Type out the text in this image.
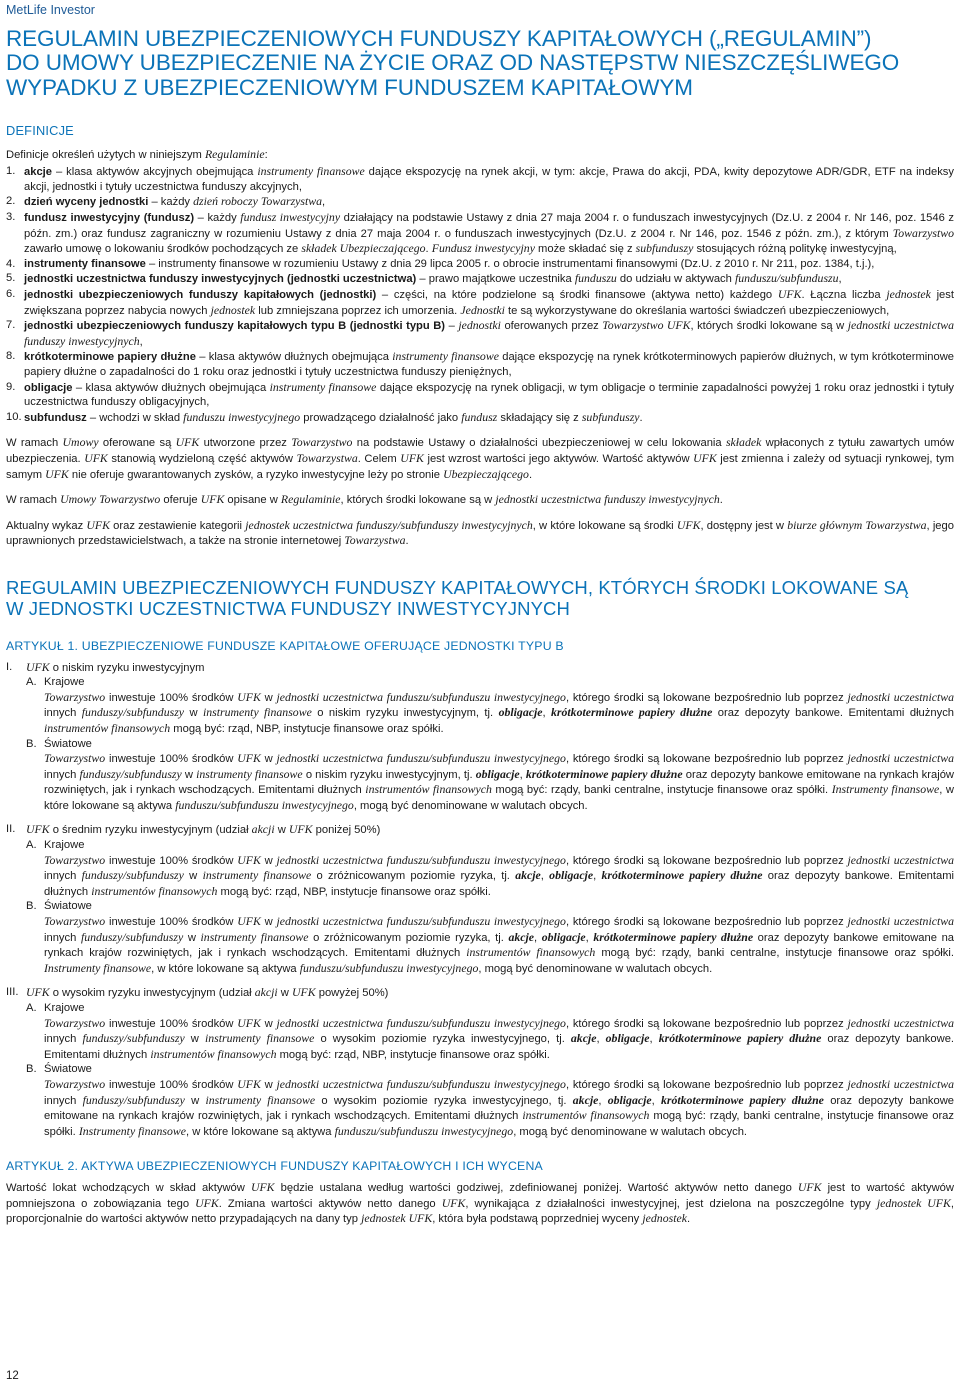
MetLife Investor
REGULAMIN UBEZPIECZENIOWYCH FUNDUSZY KAPITAŁOWYCH („REGULAMIN”)
DO UMOWY UBEZPIECZENIE NA ŻYCIE ORAZ OD NASTĘPSTW NIESZCZĘŚLIWEGO
WYPADKU Z UBEZPIECZENIOWYM FUNDUSZEM KAPITAŁOWYM
DEFINICJE

Definicje określeń użytych w niniejszym Regulaminie:

1. akcje – klasa aktywów akcyjnych obejmująca instrumenty finansowe dające ekspozycję na rynek akcji, w tym: akcje, Prawa do akcji, PDA, kwity depozytowe ADR/GDR, ETF na indeksy akcji, jednostki i tytuły uczestnictwa funduszy akcyjnych,
2. dzień wyceny jednostki – każdy dzień roboczy Towarzystwa,
3. fundusz inwestycyjny (fundusz) – każdy fundusz inwestycyjny działający na podstawie Ustawy z dnia 27 maja 2004 r. o funduszach inwestycyjnych (Dz.U. z 2004 r. Nr 146, poz. 1546 z późn. zm.) oraz fundusz zagraniczny w rozumieniu Ustawy z dnia 27 maja 2004 r. o funduszach inwestycyjnych (Dz.U. z 2004 r. Nr 146, poz. 1546 z późn. zm.), z którym Towarzystwo zawarło umowę o lokowaniu środków pochodzących ze składek Ubezpieczającego. Fundusz inwestycyjny może składać się z subfunduszy stosujących różną politykę inwestycyjną,
4. instrumenty finansowe – instrumenty finansowe w rozumieniu Ustawy z dnia 29 lipca 2005 r. o obrocie instrumentami finansowymi (Dz.U. z 2010 r. Nr 211, poz. 1384, t.j.),
5. jednostki uczestnictwa funduszy inwestycyjnych (jednostki uczestnictwa) – prawo majątkowe uczestnika funduszu do udziału w aktywach funduszu/subfunduszu,
6. jednostki ubezpieczeniowych funduszy kapitałowych (jednostki) – części, na które podzielone są środki finansowe (aktywa netto) każdego UFK. Łączna liczba jednostek jest zwiększana poprzez nabycia nowych jednostek lub zmniejszana poprzez ich umorzenia. Jednostki te są wykorzystywane do określania wartości świadczeń ubezpieczeniowych,
7. jednostki ubezpieczeniowych funduszy kapitałowych typu B (jednostki typu B) – jednostki oferowanych przez Towarzystwo UFK, których środki lokowane są w jednostki uczestnictwa funduszy inwestycyjnych,
8. krótkoterminowe papiery dłużne – klasa aktywów dłużnych obejmująca instrumenty finansowe dające ekspozycję na rynek krótkoterminowych papierów dłużnych, w tym krótkoterminowe papiery dłużne o zapadalności do 1 roku oraz jednostki i tytuły uczestnictwa funduszy pieniężnych,
9. obligacje – klasa aktywów dłużnych obejmująca instrumenty finansowe dające ekspozycję na rynek obligacji, w tym obligacje o terminie zapadalności powyżej 1 roku oraz jednostki i tytuły uczestnictwa funduszy obligacyjnych,
10. subfundusz – wchodzi w skład funduszu inwestycyjnego prowadzącego działalność jako fundusz składający się z subfunduszy.

W ramach Umowy oferowane są UFK utworzone przez Towarzystwo na podstawie Ustawy o działalności ubezpieczeniowej w celu lokowania składek wpłaconych z tytułu zawartych umów ubezpieczenia. UFK stanowią wydzieloną część aktywów Towarzystwa. Celem UFK jest wzrost wartości jego aktywów. Wartość aktywów UFK jest zmienna i zależy od sytuacji rynkowej, tym samym UFK nie oferuje gwarantowanych zysków, a ryzyko inwestycyjne leży po stronie Ubezpieczającego.

W ramach Umowy Towarzystwo oferuje UFK opisane w Regulaminie, których środki lokowane są w jednostki uczestnictwa funduszy inwestycyjnych.

Aktualny wykaz UFK oraz zestawienie kategorii jednostek uczestnictwa funduszy/subfunduszy inwestycyjnych, w które lokowane są środki UFK, dostępny jest w biurze głównym Towarzystwa, jego uprawnionych przedstawicielstwach, a także na stronie internetowej Towarzystwa.

REGULAMIN UBEZPIECZENIOWYCH FUNDUSZY KAPITAŁOWYCH, KTÓRYCH ŚRODKI LOKOWANE SĄ
W JEDNOSTKI UCZESTNICTWA FUNDUSZY INWESTYCYJNYCH
ARTYKUŁ 1. UBEZPIECZENIOWE FUNDUSZE KAPITAŁOWE OFERUJĄCE JEDNOSTKI TYPU B
I. UFK o niskim ryzyku inwestycyjnym

A. Krajowe

Towarzystwo inwestuje 100% środków UFK w jednostki uczestnictwa funduszu/subfunduszu inwestycyjnego, którego środki są lokowane bezpośrednio lub poprzez jednostki uczestnictwa innych funduszy/subfunduszy w instrumenty finansowe o niskim ryzyku inwestycyjnym, tj. obligacje, krótkoterminowe papiery dłużne oraz depozyty bankowe. Emitentami dłużnych instrumentów finansowych mogą być: rząd, NBP, instytucje finansowe oraz spółki.

B. Światowe

Towarzystwo inwestuje 100% środków UFK w jednostki uczestnictwa funduszu/subfunduszu inwestycyjnego, którego środki są lokowane bezpośrednio lub poprzez jednostki uczestnictwa innych funduszy/subfunduszy w instrumenty finansowe o niskim ryzyku inwestycyjnym, tj. obligacje, krótkoterminowe papiery dłużne oraz depozyty bankowe emitowane na rynkach krajów rozwiniętych, jak i rynkach wschodzących. Emitentami dłużnych instrumentów finansowych mogą być: rządy, banki centralne, instytucje finansowe oraz spółki. Instrumenty finansowe, w które lokowane są aktywa funduszu/subfunduszu inwestycyjnego, mogą być denominowane w walutach obcych.

II. UFK o średnim ryzyku inwestycyjnym (udział akcji w UFK poniżej 50%)

A. Krajowe

Towarzystwo inwestuje 100% środków UFK w jednostki uczestnictwa funduszu/subfunduszu inwestycyjnego, którego środki są lokowane bezpośrednio lub poprzez jednostki uczestnictwa innych funduszy/subfunduszy w instrumenty finansowe o zróżnicowanym poziomie ryzyka, tj. akcje, obligacje, krótkoterminowe papiery dłużne oraz depozyty bankowe. Emitentami dłużnych instrumentów finansowych mogą być: rząd, NBP, instytucje finansowe oraz spółki.

B. Światowe

Towarzystwo inwestuje 100% środków UFK w jednostki uczestnictwa funduszu/subfunduszu inwestycyjnego, którego środki są lokowane bezpośrednio lub poprzez jednostki uczestnictwa innych funduszy/subfunduszy w instrumenty finansowe o zróżnicowanym poziomie ryzyka, tj. akcje, obligacje, krótkoterminowe papiery dłużne oraz depozyty bankowe emitowane na rynkach krajów rozwiniętych, jak i rynkach wschodzących. Emitentami dłużnych instrumentów finansowych mogą być: rządy, banki centralne, instytucje finansowe oraz spółki. Instrumenty finansowe, w które lokowane są aktywa funduszu/subfunduszu inwestycyjnego, mogą być denominowane w walutach obcych.

III. UFK o wysokim ryzyku inwestycyjnym (udział akcji w UFK powyżej 50%)

A. Krajowe

Towarzystwo inwestuje 100% środków UFK w jednostki uczestnictwa funduszu/subfunduszu inwestycyjnego, którego środki są lokowane bezpośrednio lub poprzez jednostki uczestnictwa innych funduszy/subfunduszy w instrumenty finansowe o wysokim poziomie ryzyka inwestycyjnego, tj. akcje, obligacje, krótkoterminowe papiery dłużne oraz depozyty bankowe. Emitentami dłużnych instrumentów finansowych mogą być: rząd, NBP, instytucje finansowe oraz spółki.

B. Światowe

Towarzystwo inwestuje 100% środków UFK w jednostki uczestnictwa funduszu/subfunduszu inwestycyjnego, którego środki są lokowane bezpośrednio lub poprzez jednostki uczestnictwa innych funduszy/subfunduszy w instrumenty finansowe o wysokim poziomie ryzyka inwestycyjnego, tj. akcje, obligacje, krótkoterminowe papiery dłużne oraz depozyty bankowe emitowane na rynkach krajów rozwiniętych, jak i rynkach wschodzących. Emitentami dłużnych instrumentów finansowych mogą być: rządy, banki centralne, instytucje finansowe oraz spółki. Instrumenty finansowe, w które lokowane są aktywa funduszu/subfunduszu inwestycyjnego, mogą być denominowane w walutach obcych.

ARTYKUŁ 2. AKTYWA UBEZPIECZENIOWYCH FUNDUSZY KAPITAŁOWYCH I ICH WYCENA

Wartość lokat wchodzących w skład aktywów UFK będzie ustalana według wartości godziwej, zdefiniowanej poniżej. Wartość aktywów netto danego UFK jest to wartość aktywów pomniejszona o zobowiązania tego UFK. Zmiana wartości aktywów netto danego UFK, wynikająca z działalności inwestycyjnej, jest dzielona na poszczególne typy jednostek UFK, proporcjonalnie do wartości aktywów netto przypadających na dany typ jednostek UFK, która była podstawą poprzedniej wyceny jednostek.

12
